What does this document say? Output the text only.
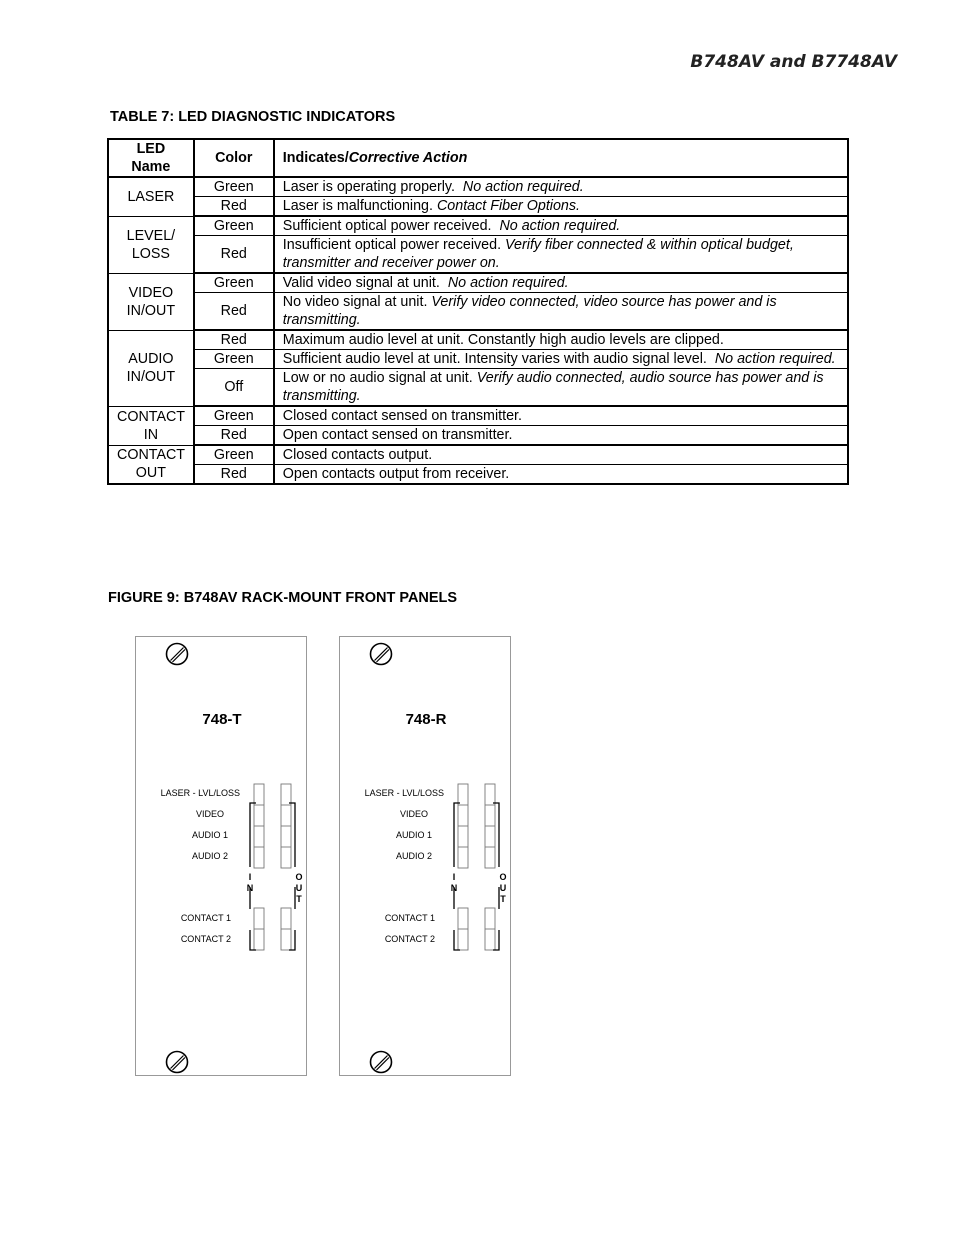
B748AV and B7748AV
TABLE 7: LED DIAGNOSTIC INDICATORS
LED Name	Color	Indicates/Corrective Action
LASER	Green	Laser is operating properly. No action required.
	Red	Laser is malfunctioning. Contact Fiber Options.
LEVEL/ LOSS	Green	Sufficient optical power received. No action required.
	Red	Insufficient optical power received. Verify fiber connected & within optical budget, transmitter and receiver power on.
VIDEO IN/OUT	Green	Valid video signal at unit. No action required.
	Red	No video signal at unit. Verify video connected, video source has power and is transmitting.
AUDIO IN/OUT	Red	Maximum audio level at unit. Constantly high audio levels are clipped.
	Green	Sufficient audio level at unit. Intensity varies with audio signal level. No action required.
	Off	Low or no audio signal at unit. Verify audio connected, audio source has power and is transmitting.
CONTACT IN	Green	Closed contact sensed on transmitter.
	Red	Open contact sensed on transmitter.
CONTACT OUT	Green	Closed contacts output.
	Red	Open contacts output from receiver.
FIGURE 9: B748AV RACK-MOUNT FRONT PANELS
748-T
LASER - LVL/LOSS
VIDEO
AUDIO 1
AUDIO 2
CONTACT 1
CONTACT 2
I
N
O
U
T
748-R
LASER - LVL/LOSS
VIDEO
AUDIO 1
AUDIO 2
CONTACT 1
CONTACT 2
I
N
O
U
T
